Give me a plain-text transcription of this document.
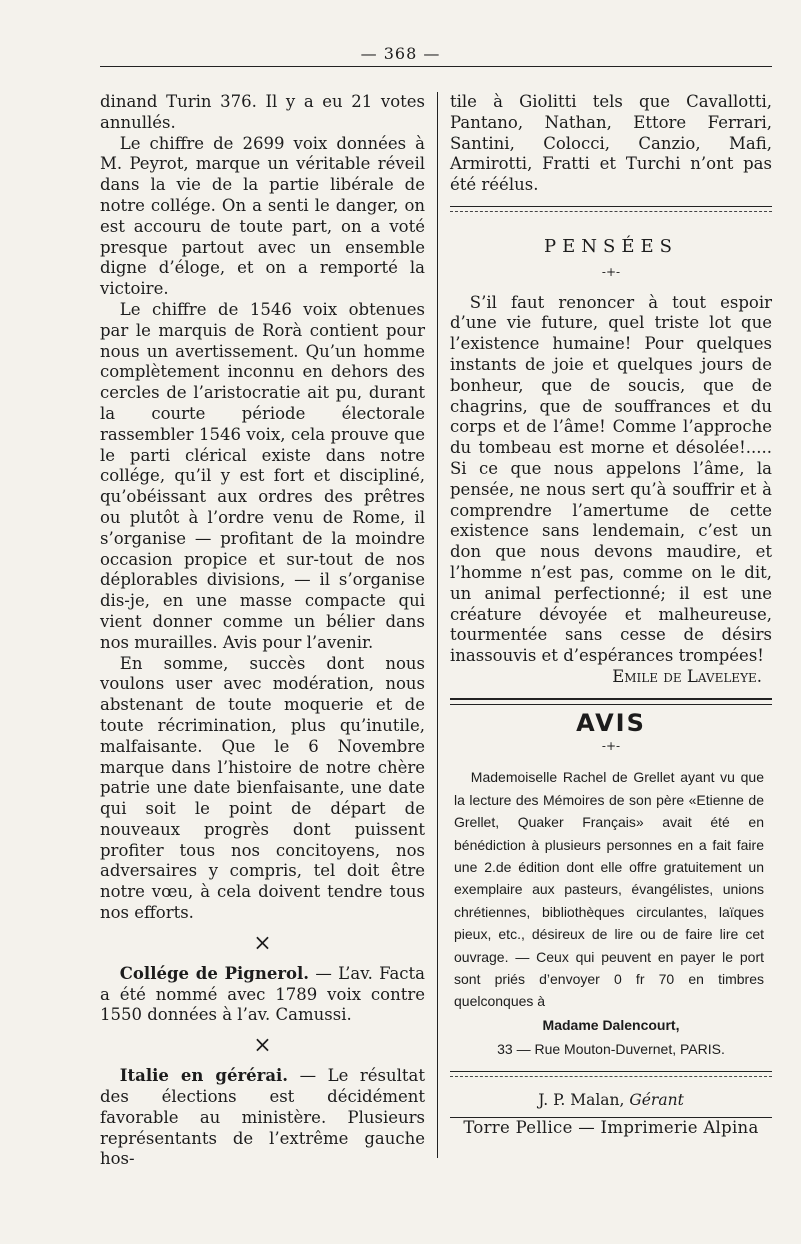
— 368 —

dinand Turin 376. Il y a eu 21 votes annullés.

Le chiffre de 2699 voix données à M. Peyrot, marque un véritable réveil dans la vie de la partie libérale de notre collége. On a senti le danger, on est accouru de toute part, on a voté presque partout avec un ensemble digne d’éloge, et on a remporté la victoire.

Le chiffre de 1546 voix obtenues par le marquis de Rorà contient pour nous un avertissement. Qu’un homme complètement inconnu en dehors des cercles de l’aristocratie ait pu, durant la courte période électorale rassembler 1546 voix, cela prouve que le parti clérical existe dans notre collége, qu’il y est fort et discipliné, qu’obéissant aux ordres des prêtres ou plutôt à l’ordre venu de Rome, il s’organise — profitant de la moindre occasion propice et sur-tout de nos déplorables divisions, — il s’organise dis-je, en une masse compacte qui vient donner comme un bélier dans nos murailles. Avis pour l’avenir.

En somme, succès dont nous voulons user avec modération, nous abstenant de toute moquerie et de toute récrimination, plus qu’inutile, malfaisante. Que le 6 Novembre marque dans l’histoire de notre chère patrie une date bienfaisante, une date qui soit le point de départ de nouveaux progrès dont puissent profiter tous nos concitoyens, nos adversaires y compris, tel doit être notre vœu, à cela doivent tendre tous nos efforts.

×

Collége de Pignerol. — L’av. Facta a été nommé avec 1789 voix contre 1550 données à l’av. Camussi.

×

Italie en gérérai. — Le résultat des élections est décidément favorable au ministère. Plusieurs représentants de l’extrême gauche hos-

tile à Giolitti tels que Cavallotti, Pantano, Nathan, Ettore Ferrari, Santini, Colocci, Canzio, Mafi, Armirotti, Fratti et Turchi n’ont pas été réélus.

PENSÉES
-+-

S’il faut renoncer à tout espoir d’une vie future, quel triste lot que l’existence humaine! Pour quelques instants de joie et quelques jours de bonheur, que de soucis, que de chagrins, que de souffrances et du corps et de l’âme! Comme l’approche du tombeau est morne et désolée!..... Si ce que nous appelons l’âme, la pensée, ne nous sert qu’à souffrir et à comprendre l’amertume de cette existence sans lendemain, c’est un don que nous devons maudire, et l’homme n’est pas, comme on le dit, un animal perfectionné; il est une créature dévoyée et malheureuse, tourmentée sans cesse de désirs inassouvis et d’espérances trompées!

Emile de Laveleye.
AVIS
-+-

Mademoiselle Rachel de Grellet ayant vu que la lecture des Mémoires de son père «Etienne de Grellet, Quaker Français» avait été en bénédiction à plusieurs personnes en a fait faire une 2.de édition dont elle offre gratuitement un exemplaire aux pasteurs, évangélistes, unions chrétiennes, bibliothèques circulantes, laïques pieux, etc., désireux de lire ou de faire lire cet ouvrage. — Ceux qui peuvent en payer le port sont priés d’envoyer 0 fr 70 en timbres quelconques à

Madame Dalencourt,
33 — Rue Mouton-Duvernet, PARIS.
J. P. Malan, Gérant
Torre Pellice — Imprimerie Alpina
